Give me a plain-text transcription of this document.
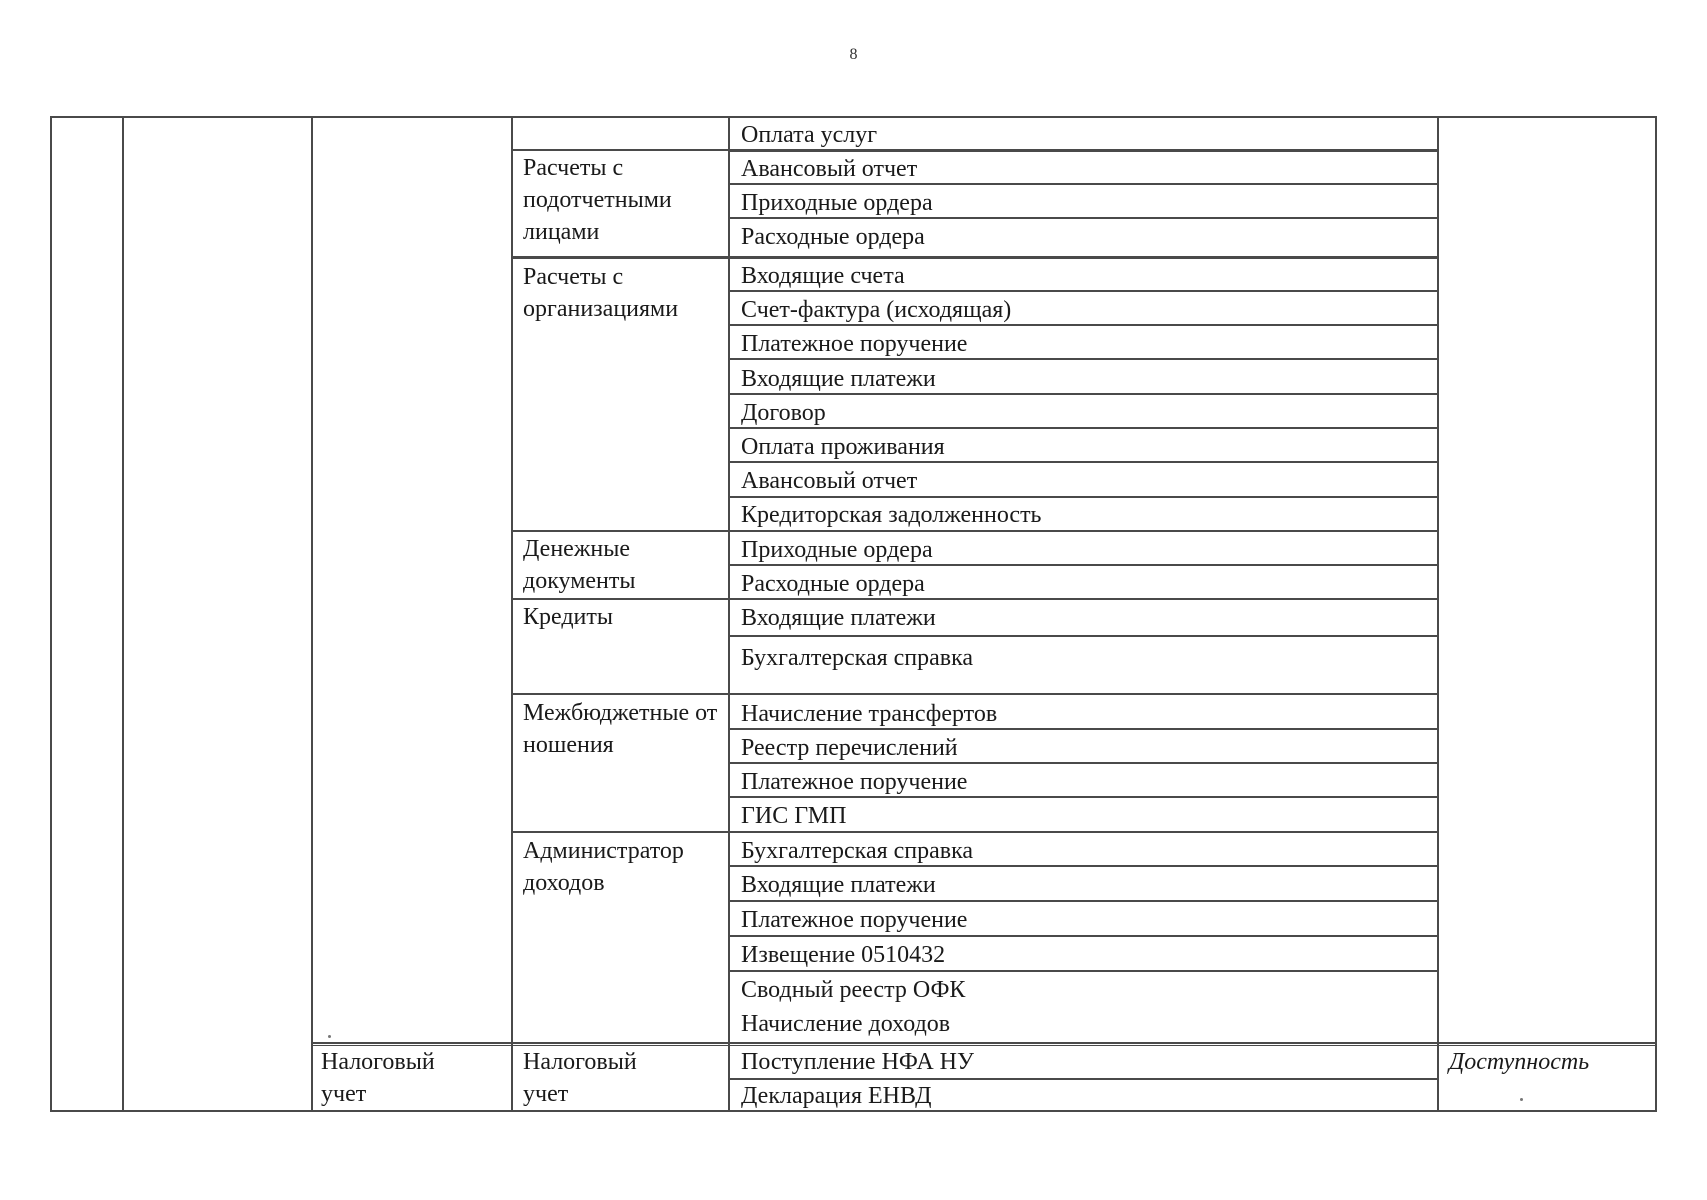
8
Расчеты с подотчетными лицами
Расчеты с организациями
Денежные документы
Кредиты
Межбюджетные отношения
Администратор доходов
Оплата услуг
Авансовый отчет
Приходные ордера
Расходные ордера
Входящие счета
Счет-фактура (исходящая)
Платежное поручение
Входящие платежи
Договор
Оплата проживания
Авансовый отчет
Кредиторская задолженность
Приходные ордера
Расходные ордера
Входящие платежи
Бухгалтерская справка
Начисление трансфертов
Реестр перечислений
Платежное поручение
ГИС ГМП
Бухгалтерская справка
Входящие платежи
Платежное поручение
Извещение 0510432
Сводный реестр ОФК
Начисление доходов
Налоговый учет
Налоговый учет
Поступление НФА НУ
Декларация ЕНВД
Доступность
